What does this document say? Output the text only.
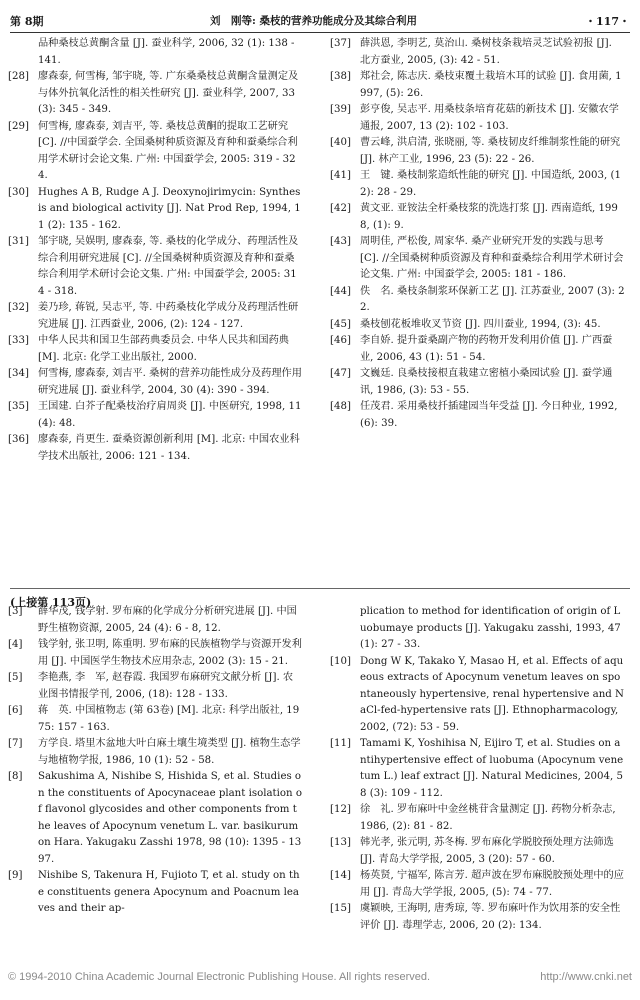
第 8期	刘　刚等: 桑枝的营养功能成分及其综合利用	・117・

品种桑枝总黄酮含量 [J]. 蚕业科学, 2006, 32 (1): 138 - 141.

[28] 廖森泰, 何雪梅, 邹宇晓, 等. 广东桑桑枝总黄酮含量测定及与体外抗氧化活性的相关性研究 [J]. 蚕业科学, 2007, 33 (3): 345 - 349.

[29] 何雪梅, 廖森泰, 刘吉平, 等. 桑枝总黄酮的提取工艺研究 [C]. //中国蚕学会. 全国桑树种质资源及育种和蚕桑综合利用学术研讨会论文集. 广州: 中国蚕学会, 2005: 319 - 324.

[30] Hughes A B, Rudge A J. Deoxynojirimycin: Synthesis and biological activity [J]. Nat Prod Rep, 1994, 11 (2): 135 - 162.

[31] 邹宇晓, 吴娱明, 廖森泰, 等. 桑枝的化学成分、药理活性及综合利用研究进展 [C]. //全国桑树种质资源及育种和蚕桑综合利用学术研讨会论文集. 广州: 中国蚕学会, 2005: 314 - 318.

[32] 姜乃珍, 蒋锐, 吴志平, 等. 中药桑枝化学成分及药理活性研究进展 [J]. 江西蚕业, 2006, (2): 124 - 127.

[33] 中华人民共和国卫生部药典委员会. 中华人民共和国药典 [M]. 北京: 化学工业出版社, 2000.

[34] 何雪梅, 廖森泰, 刘吉平. 桑树的营养功能性成分及药理作用研究进展 [J]. 蚕业科学, 2004, 30 (4): 390 - 394.

[35] 王国建. 白芥子配桑枝治疗肩周炎 [J]. 中医研究, 1998, 11 (4): 48.

[36] 廖森泰, 肖更生. 蚕桑资源创新利用 [M]. 北京: 中国农业科学技术出版社, 2006: 121 - 134.

[37] 薛洪恩, 李明艺, 莫治山. 桑树枝条栽培灵芝试验初报 [J]. 北方蚕业, 2005, (3): 42 - 51.

[38] 郑社会, 陈志庆. 桑枝束覆土栽培木耳的试验 [J]. 食用菌, 1997, (5): 26.

[39] 彭亨俊, 吴志平. 用桑枝条培育花菇的新技术 [J]. 安徽农学通报, 2007, 13 (2): 102 - 103.

[40] 曹云峰, 洪启清, 张晓丽, 等. 桑枝韧皮纤维制浆性能的研究 [J]. 林产工业, 1996, 23 (5): 22 - 26.

[41] 王　键. 桑枝制浆造纸性能的研究 [J]. 中国造纸, 2003, (12): 28 - 29.

[42] 黄文亚. 亚铵法全杆桑枝浆的洗选打浆 [J]. 西南造纸, 1998, (1): 9.

[43] 周明佳, 严松俊, 周家华. 桑产业研究开发的实践与思考 [C]. //全国桑树种质资源及育种和蚕桑综合利用学术研讨会论文集. 广州: 中国蚕学会, 2005: 181 - 186.

[44] 佚　名. 桑枝条制浆环保新工艺 [J]. 江苏蚕业, 2007 (3): 22.

[45] 桑枝刨花板堆收叉节资 [J]. 四川蚕业, 1994, (3): 45.

[46] 李自娇. 提升蚕桑副产物的药物开发利用价值 [J]. 广西蚕业, 2006, 43 (1): 51 - 54.

[47] 文巍廷. 良桑枝接根直栽建立密植小桑园试验 [J]. 蚕学通讯, 1986, (3): 53 - 55.

[48] 任茂君. 采用桑枝扦插建园当年受益 [J]. 今日种业, 1992, (6): 39.

(上接第 113页)

[3]	薛华茂, 钱学射. 罗布麻的化学成分分析研究进展 [J]. 中国野生植物资源, 2005, 24 (4): 6 - 8, 12.

[4]	钱学射, 张卫明, 陈重明. 罗布麻的民族植物学与资源开发利用 [J]. 中国医学生物技术应用杂志, 2002 (3): 15 - 21.

[5]	李艳燕, 李　军, 赵春霞. 我国罗布麻研究文献分析 [J]. 农业图书情报学刊, 2006, (18): 128 - 133.

[6]	蒋　英. 中国植物志 (第 63卷) [M]. 北京: 科学出版社, 1975: 157 - 163.

[7]	方学良. 塔里木盆地大叶白麻土壤生境类型 [J]. 植物生态学与地植物学报, 1986, 10 (1): 52 - 58.

[8]	Sakushima A, Nishibe S, Hishida S, et al. Studies on the constituents of Apocynaceae plant isolation of flavonol glycosides and other components from the leaves of Apocynum venetum L. var. basikurumon Hara. Yakugaku Zasshi 1978, 98 (10): 1395 - 1397.

[9]	Nishibe S, Takenura H, Fujioto T, et al. study on the constituents genera Apocynum and Poacnum leaves and their ap-

plication to method for identification of origin of Luobumaye products [J]. Yakugaku zasshi, 1993, 47 (1): 27 - 33.

[10] Dong W K, Takako Y, Masao H, et al. Effects of aqueous extracts of Apocynum venetum leaves on spontaneously hypertensive, renal hypertensive and NaCl-fed-hypertensive rats [J]. Ethnopharmacology, 2002, (72): 53 - 59.

[11] Tamami K, Yoshihisa N, Eijiro T, et al. Studies on antihypertensive effect of luobuma (Apocynum venetum L.) leaf extract [J]. Natural Medicines, 2004, 58 (3): 109 - 112.

[12] 徐　礼. 罗布麻叶中金丝桃苷含量测定 [J]. 药物分析杂志, 1986, (2): 81 - 82.

[13] 韩光孝, 张元明, 苏冬梅. 罗布麻化学脱胶预处理方法筛选 [J]. 青岛大学学报, 2005, 3 (20): 57 - 60.

[14] 杨英贤, 宁福军, 陈言芳. 超声波在罗布麻脱胶预处理中的应用 [J]. 青岛大学学报, 2005, (5): 74 - 77.

[15] 虞颖映, 王海明, 唐秀琼, 等. 罗布麻叶作为饮用茶的安全性评价 [J]. 毒理学志, 2006, 20 (2): 134.

© 1994-2010 China Academic Journal Electronic Publishing House. All rights reserved.	http://www.cnki.net
